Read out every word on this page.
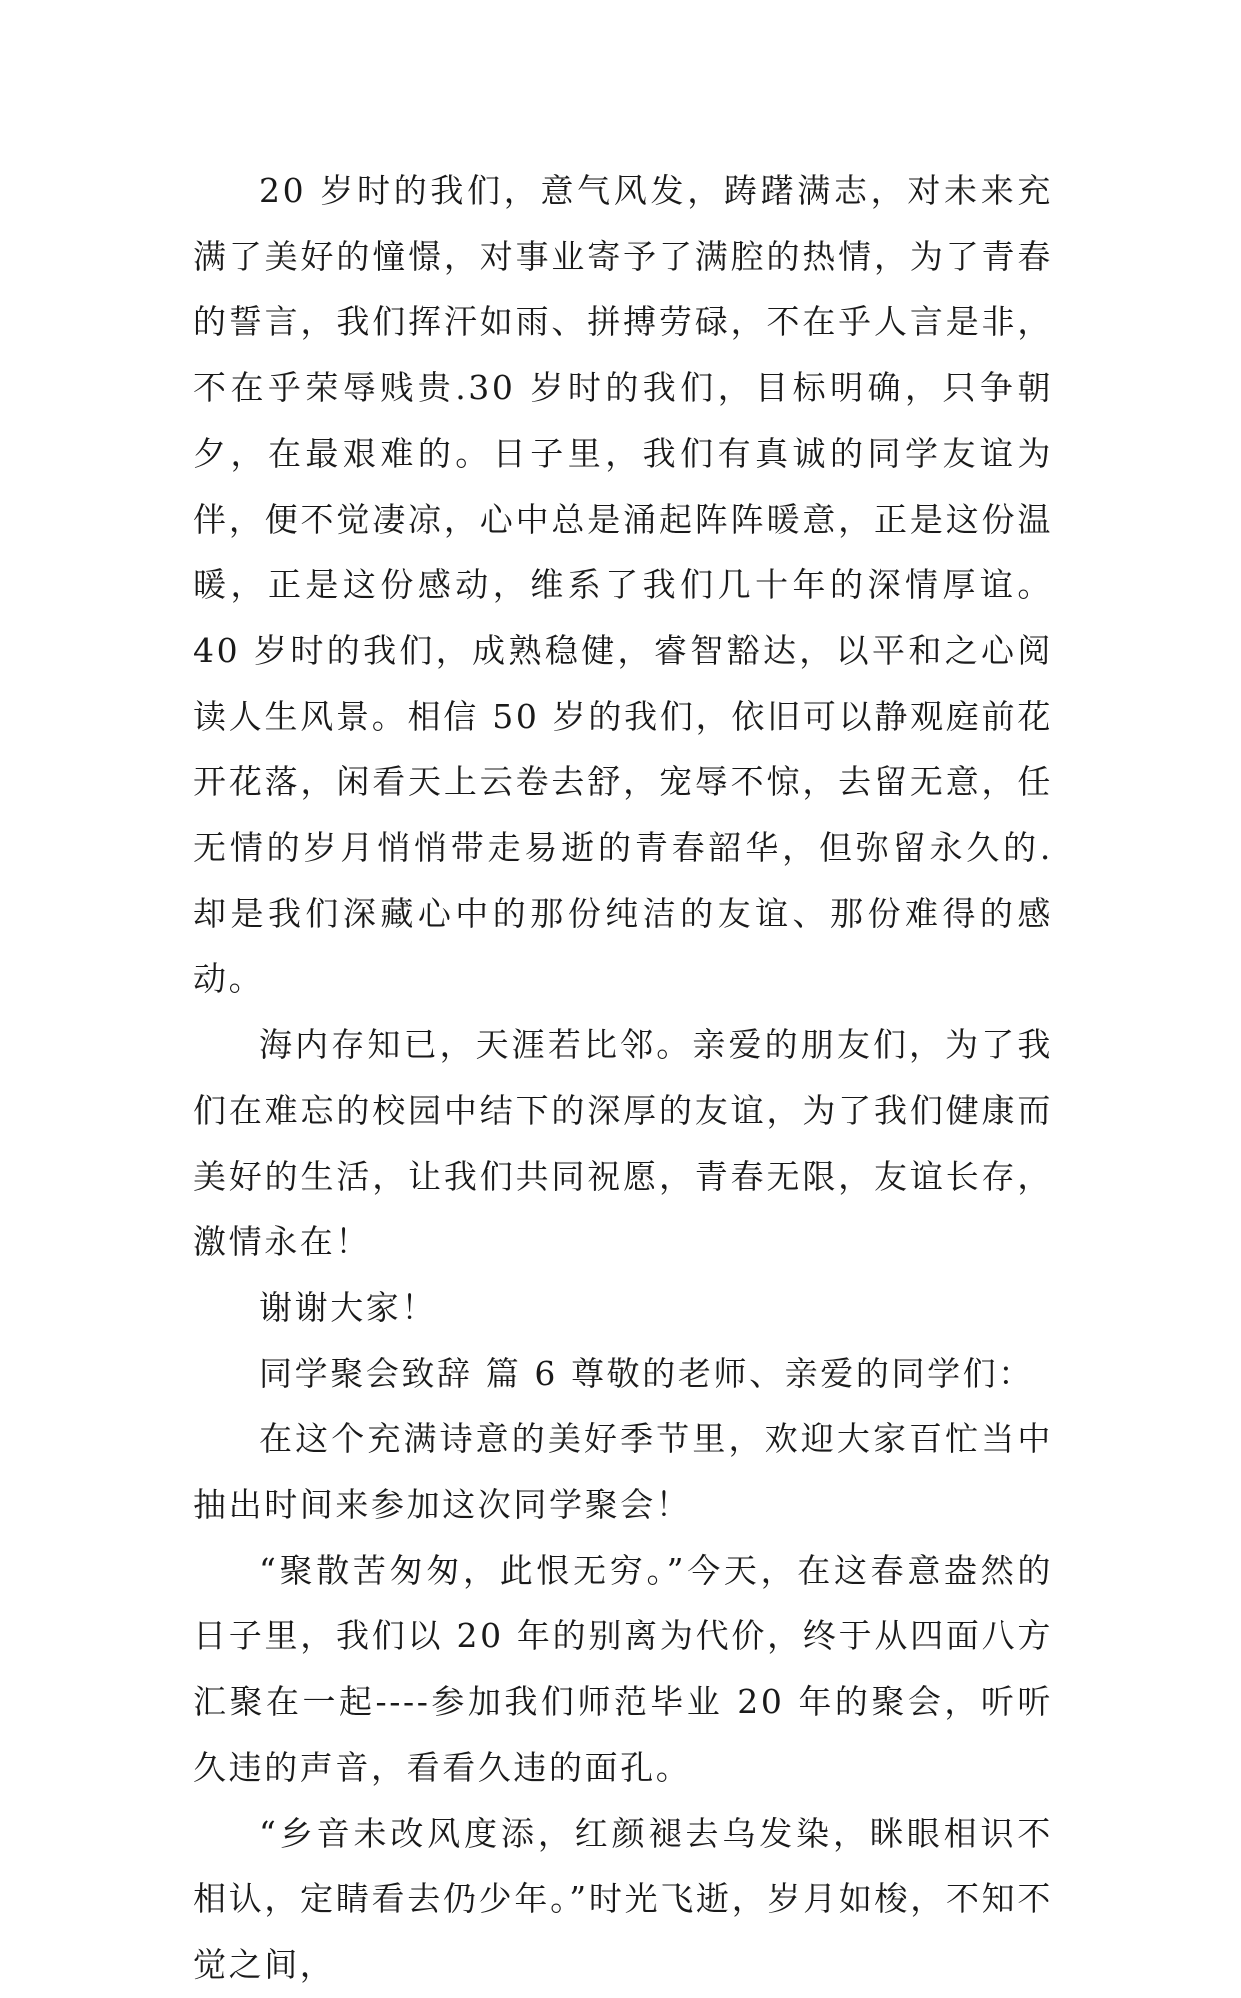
20 岁时的我们，意气风发，踌躇满志，对未来充满了美好的憧憬，对事业寄予了满腔的热情，为了青春的誓言，我们挥汗如雨、拼搏劳碌，不在乎人言是非，不在乎荣辱贱贵.30 岁时的我们，目标明确，只争朝夕，在最艰难的。日子里，我们有真诚的同学友谊为伴，便不觉凄凉，心中总是涌起阵阵暖意，正是这份温暖，正是这份感动，维系了我们几十年的深情厚谊。40 岁时的我们，成熟稳健，睿智豁达，以平和之心阅读人生风景。相信 50 岁的我们，依旧可以静观庭前花开花落，闲看天上云卷去舒，宠辱不惊，去留无意，任无情的岁月悄悄带走易逝的青春韶华，但弥留永久的.却是我们深藏心中的那份纯洁的友谊、那份难得的感动。

海内存知已，天涯若比邻。亲爱的朋友们，为了我们在难忘的校园中结下的深厚的友谊，为了我们健康而美好的生活，让我们共同祝愿，青春无限，友谊长存，激情永在！

谢谢大家！

同学聚会致辞 篇 6 尊敬的老师、亲爱的同学们：

在这个充满诗意的美好季节里，欢迎大家百忙当中抽出时间来参加这次同学聚会！

“聚散苦匆匆，此恨无穷。”今天，在这春意盎然的日子里，我们以 20 年的别离为代价，终于从四面八方汇聚在一起----参加我们师范毕业 20 年的聚会，听听久违的声音，看看久违的面孔。

“乡音未改风度添，红颜褪去乌发染，眯眼相识不相认，定睛看去仍少年。”时光飞逝，岁月如梭，不知不觉之间，
